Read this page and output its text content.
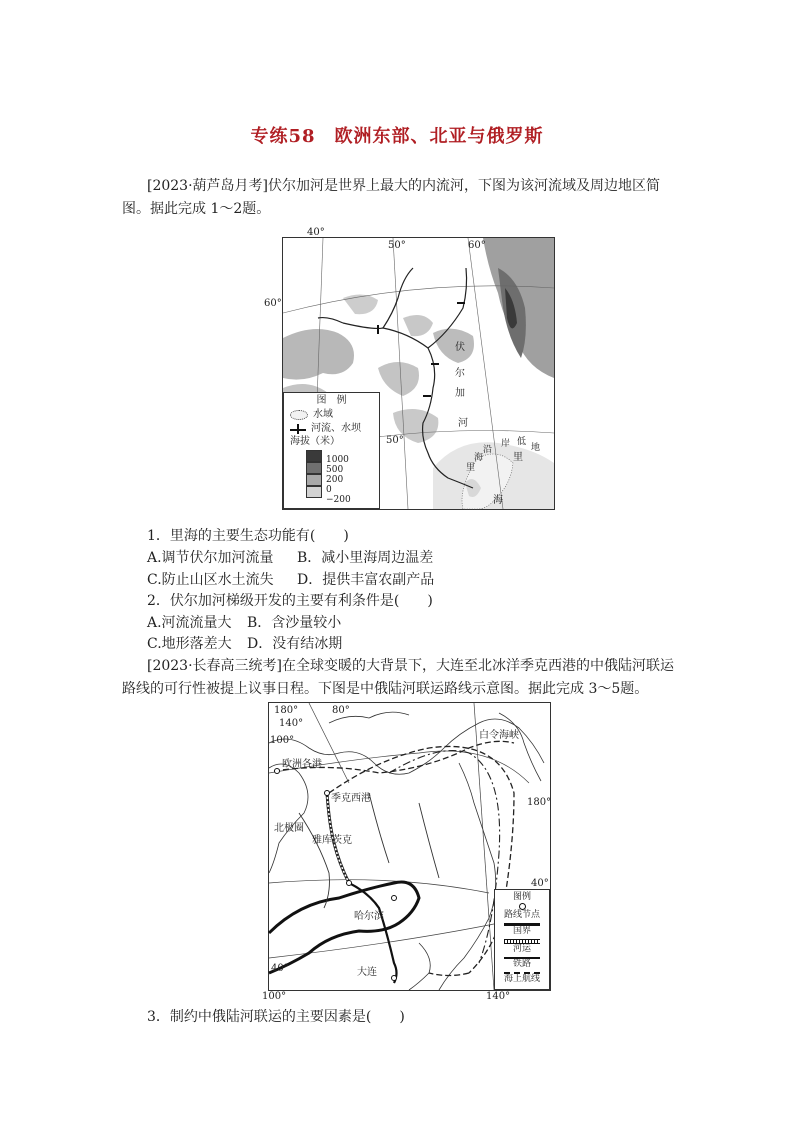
专练58　欧洲东部、北亚与俄罗斯
[2023·葫芦岛月考]伏尔加河是世界上最大的内流河，下图为该河流域及周边地区简
图。据此完成 1～2题。
40°
50°	60°
50°
伏
尔
加
河
里
海
沿
岸 低
地
里
海
60°
图　例
水域
河流、水坝
海拔（米）
1000
500
200
0
−200
1．里海的主要生态功能有(　　)
A.调节伏尔加河流量 B．减小里海周边温差
C.防止山区水土流失 D．提供丰富农副产品
2．伏尔加河梯级开发的主要有利条件是(　　)
A.河流流量大 B．含沙量较小
C.地形落差大 D．没有结冰期
[2023·长春高三统考]在全球变暖的大背景下，大连至北冰洋季克西港的中俄陆河联运
路线的可行性被提上议事日程。下图是中俄陆河联运路线示意图。据此完成 3～5题。
180°	80°
140°
100°
180°
40°
40°
白令海峡
欧洲各港
季克西港
北极圈
雅库茨克
哈尔滨
大连
100°	140°
图例
路线节点
国界
河运
铁路
海上航线
3．制约中俄陆河联运的主要因素是(　　)
